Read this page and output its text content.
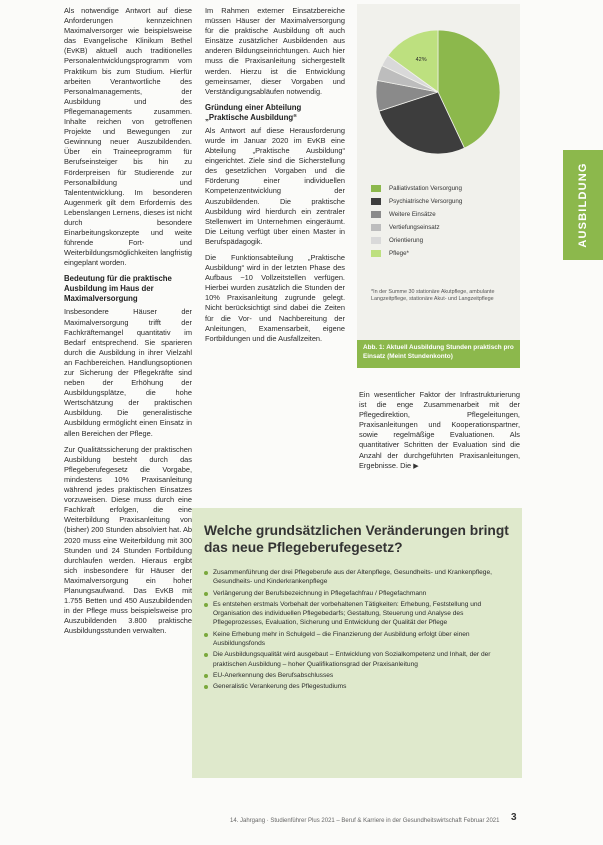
Als notwendige Antwort auf diese Anforderungen kennzeichnen Maximalversorger wie beispielsweise das Evangelische Klinikum Bethel (EvKB) aktuell auch traditionelles Personalentwicklungsprogramm vom Praktikum bis zum Studium. Hierfür arbeiten Verantwortliche des Personalmanagements, der Ausbildung und des Pflegemanagements zusammen. Inhalte reichen von getroffenen Projekte und Bewegungen zur Gewinnung neuer Auszubildenden. Über ein Traineeprogramm für Berufseinsteiger bis hin zu Förderpreisen für Studierende zur Personalbildung und Talententwicklung. Im besonderen Augenmerk gilt dem Erfordernis des Lebenslangen Lernens, dieses ist nicht durch besondere Einarbeitungskonzepte und weite führende Fort- und Weiterbildungsmöglichkeiten langfristig eingeplant worden.

Bedeutung für die praktische Ausbildung im Haus der Maximalversorgung

Insbesondere Häuser der Maximalversorgung trifft der Fachkräftemangel quantitativ im Bedarf entsprechend. Sie sparieren durch die Ausbildung in ihrer Vielzahl an Fachbereichen. Handlungsoptionen zur Sicherung der Pflegekräfte sind neben der Erhöhung der Ausbildungsplätze, die hohe Wertschätzung der praktischen Ausbildung. Die generalistische Ausbildung ermöglicht einen Einsatz in allen Bereichen der Pflege.

Zur Qualitätssicherung der praktischen Ausbildung besteht durch das Pflegeberufegesetz die Vorgabe, mindestens 10% Praxisanleitung während jedes praktischen Einsatzes vorzuweisen. Diese muss durch eine Fachkraft erfolgen, die eine Weiterbildung Praxisanleitung von (bisher) 200 Stunden absolviert hat. Ab 2020 muss eine Weiterbildung mit 300 Stunden und 24 Stunden Fortbildung durchlaufen werden. Hieraus ergibt sich insbesondere für Häuser der Maximalversorgung ein hoher Planungsaufwand. Das EvKB mit 1.755 Betten und 450 Auszubildenden in der Pflege muss beispielsweise pro Auszubildenden 3.800 praktische Ausbildungsstunden verwalten.

Im Rahmen externer Einsatzbereiche müssen Häuser der Maximalversorgung für die praktische Ausbildung oft auch Einsätze zusätzlicher Ausbildenden aus anderen Bildungseinrichtungen. Auch hier muss die Praxisanleitung sichergestellt werden. Hierzu ist die Entwicklung gemeinsamer, dieser Vorgaben und Verständigungsabläufen notwendig.

Gründung einer Abteilung „Praktische Ausbildung“

Als Antwort auf diese Herausforderung wurde im Januar 2020 im EvKB eine Abteilung „Praktische Ausbildung“ eingerichtet. Ziele sind die Sicherstellung des gesetzlichen Vorgaben und die Förderung einer individuellen Kompetenzentwicklung der Auszubildenden. Die praktische Ausbildung wird hierdurch ein zentraler Stellenwert im Unternehmen eingeräumt. Die Leitung verfügt über einen Master in Berufspädagogik.

Die Funktionsabteilung „Praktische Ausbildung“ wird in der letzten Phase des Aufbaus ~10 Vollzeitstellen verfügen. Hierbei wurden zusätzlich die Stunden der 10% Praxisanleitung zugrunde gelegt. Nicht berücksichtigt sind dabei die Zeiten für die Vor- und Nachbereitung der Anleitungen, Examensarbeit, eigene Fortbildungen und die Ausfallzeiten.

42%
Palliativstation Versorgung
Psychiatrische Versorgung
Weitere Einsätze
Vertiefungseinsatz
Orientierung
Pflege*
*In der Summe 30 stationäre Akutpflege, ambulante Langzeitpflege, stationäre Akut- und Langzeitpflege
Abb. 1: Aktuell Ausbildung Stunden praktisch pro Einsatz (Meint Stundenkonto)

Ein wesentlicher Faktor der Infrastrukturierung ist die enge Zusammenarbeit mit der Pflegedirektion, Pflegeleitungen, Praxisanleitungen und Kooperationspartner, sowie regelmäßige Evaluationen. Als quantitativer Schritten der Evaluation sind die Anzahl der durchgeführten Praxisanleitungen, Ergebnisse. Die ▶

AUSBILDUNG
Welche grundsätzlichen Veränderungen bringt das neue Pflegeberufegesetz?
Zusammenführung der drei Pflegeberufe aus der Altenpflege, Gesundheits- und Krankenpflege, Gesundheits- und Kinderkrankenpflege
Verlängerung der Berufsbezeichnung in Pflegefachfrau / Pflegefachmann
Es entstehen erstmals Vorbehalt der vorbehaltenen Tätigkeiten: Erhebung, Feststellung und Organisation des individuellen Pflegebedarfs; Gestaltung, Steuerung und Analyse des Pflegeprozesses, Evaluation, Sicherung und Entwicklung der Qualität der Pflege
Keine Erhebung mehr in Schulgeld – die Finanzierung der Ausbildung erfolgt über einen Ausbildungsfonds
Die Ausbildungsqualität wird ausgebaut – Entwicklung von Sozialkompetenz und Inhalt, der der praktischen Ausbildung – hoher Qualifikationsgrad der Praxisanleitung
EU-Anerkennung des Berufsabschlusses
Generalistic Verankerung des Pflegestudiums
14. Jahrgang · Studienführer Plus 2021 – Beruf & Karriere in der Gesundheitswirtschaft Februar 2021 3
